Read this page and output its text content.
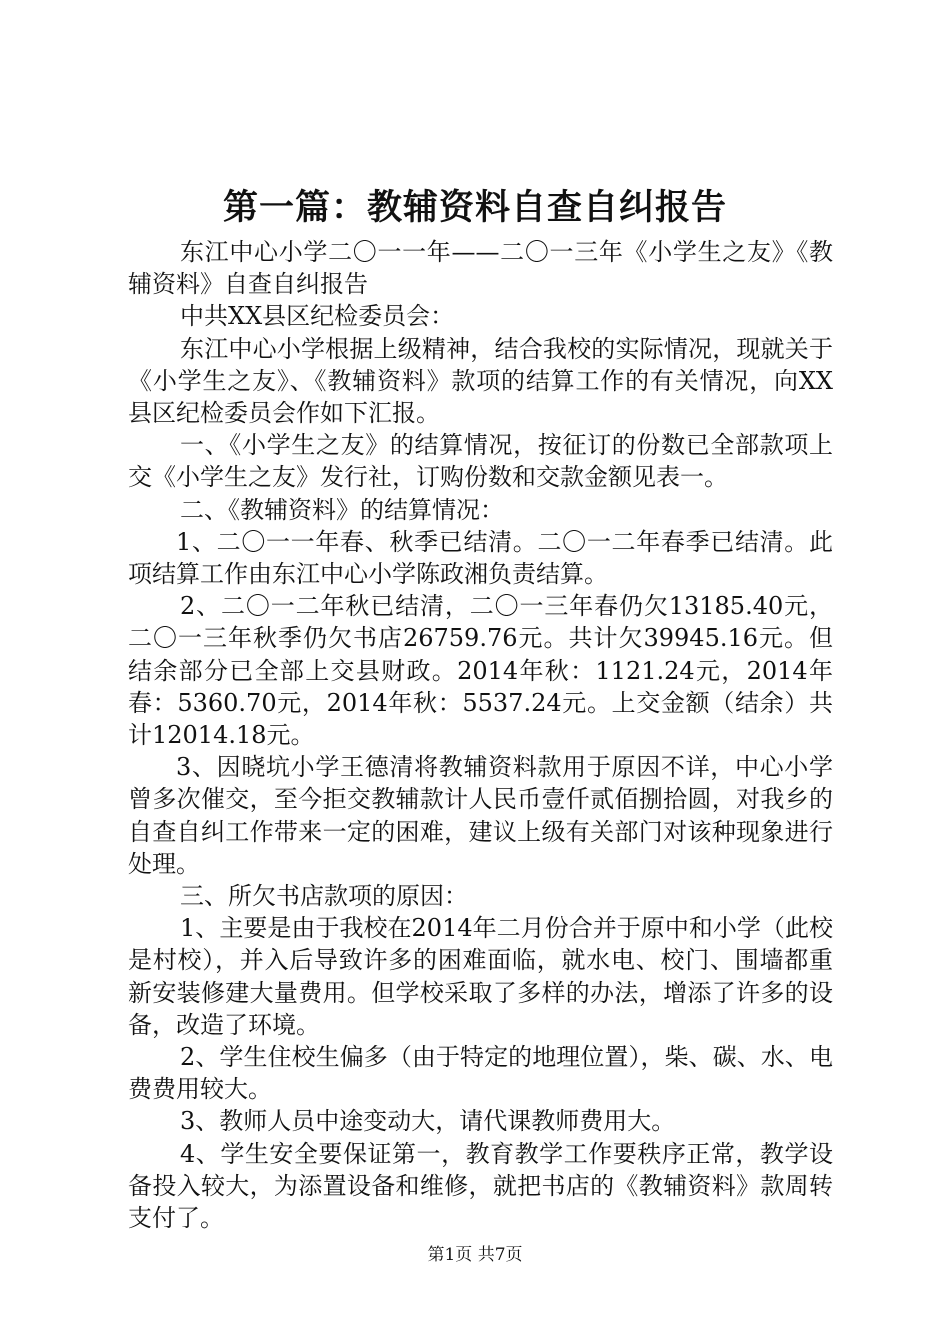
第一篇：教辅资料自查自纠报告

东江中心小学二〇一一年——二〇一三年《小学生之友》《教辅资料》自查自纠报告

中共XX县区纪检委员会：

东江中心小学根据上级精神，结合我校的实际情况，现就关于《小学生之友》、《教辅资料》款项的结算工作的有关情况，向XX县区纪检委员会作如下汇报。

一、《小学生之友》的结算情况，按征订的份数已全部款项上交《小学生之友》发行社，订购份数和交款金额见表一。

二、《教辅资料》的结算情况：

1、二〇一一年春、秋季已结清。二〇一二年春季已结清。此项结算工作由东江中心小学陈政湘负责结算。

2、二〇一二年秋已结清，二〇一三年春仍欠13185.40元，二〇一三年秋季仍欠书店26759.76元。共计欠39945.16元。但结余部分已全部上交县财政。2014年秋：1121.24元，2014年春：5360.70元，2014年秋：5537.24元。上交金额（结余）共计12014.18元。

3、因晓坑小学王德清将教辅资料款用于原因不详，中心小学曾多次催交，至今拒交教辅款计人民币壹仟贰佰捌拾圆，对我乡的自查自纠工作带来一定的困难，建议上级有关部门对该种现象进行处理。

三、所欠书店款项的原因：

1、主要是由于我校在2014年二月份合并于原中和小学（此校是村校），并入后导致许多的困难面临，就水电、校门、围墙都重新安装修建大量费用。但学校采取了多样的办法，增添了许多的设备，改造了环境。

2、学生住校生偏多（由于特定的地理位置），柴、碳、水、电费费用较大。

3、教师人员中途变动大，请代课教师费用大。

4、学生安全要保证第一，教育教学工作要秩序正常，教学设备投入较大，为添置设备和维修，就把书店的《教辅资料》款周转支付了。

第1页 共7页
